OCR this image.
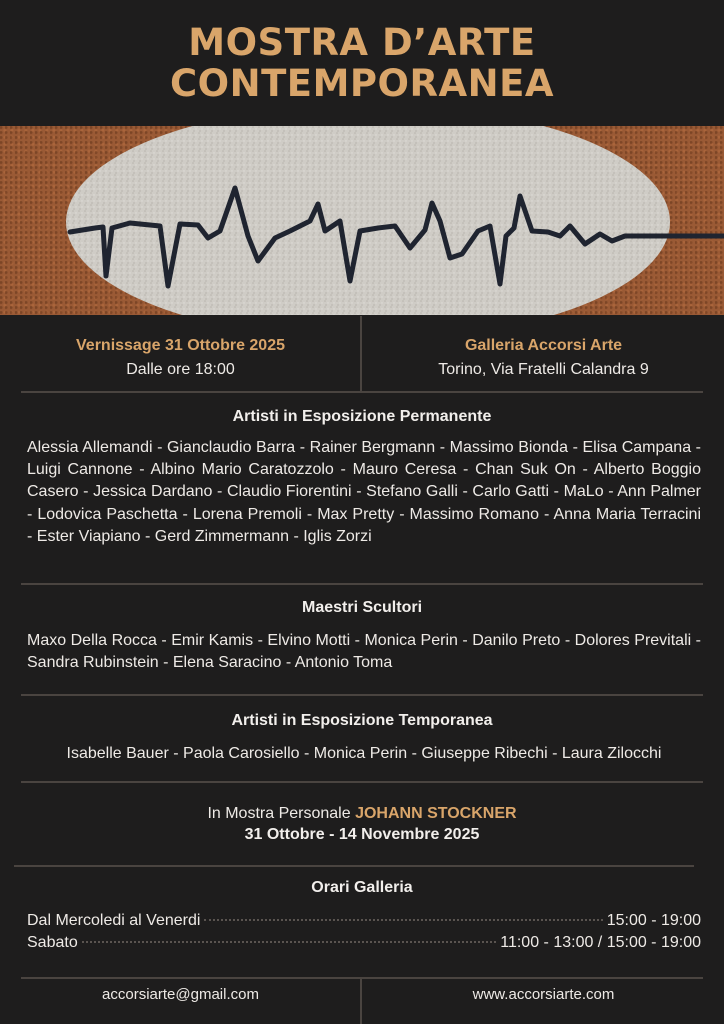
MOSTRA D’ARTE
CONTEMPORANEA
Vernissage 31 Ottobre 2025
Dalle ore 18:00
Galleria Accorsi Arte
Torino, Via Fratelli Calandra 9
Artisti in Esposizione Permanente
Alessia Allemandi - Gianclaudio Barra - Rainer Bergmann - Massimo Bionda - Elisa Campana - Luigi Cannone - Albino Mario Caratozzolo - Mauro Ceresa - Chan Suk On - Alberto Boggio Casero - Jessica Dardano - Claudio Fiorentini - Stefano Galli - Carlo Gatti - MaLo - Ann Palmer - Lodovica Paschetta - Lorena Premoli - Max Pretty - Massimo Romano - Anna Maria Terracini - Ester Viapiano - Gerd Zimmermann - Iglis Zorzi
Maestri Scultori
Maxo Della Rocca - Emir Kamis - Elvino Motti - Monica Perin - Danilo Preto - Dolores Previtali - Sandra Rubinstein - Elena Saracino - Antonio Toma
Artisti in Esposizione Temporanea
Isabelle Bauer - Paola Carosiello - Monica Perin - Giuseppe Ribechi - Laura Zilocchi
In Mostra Personale JOHANN STOCKNER
31 Ottobre - 14 Novembre 2025
Orari Galleria
Dal Mercoledi al Venerdi	15:00 - 19:00
Sabato	11:00 - 13:00 / 15:00 - 19:00
accorsiarte@gmail.com	www.accorsiarte.com
